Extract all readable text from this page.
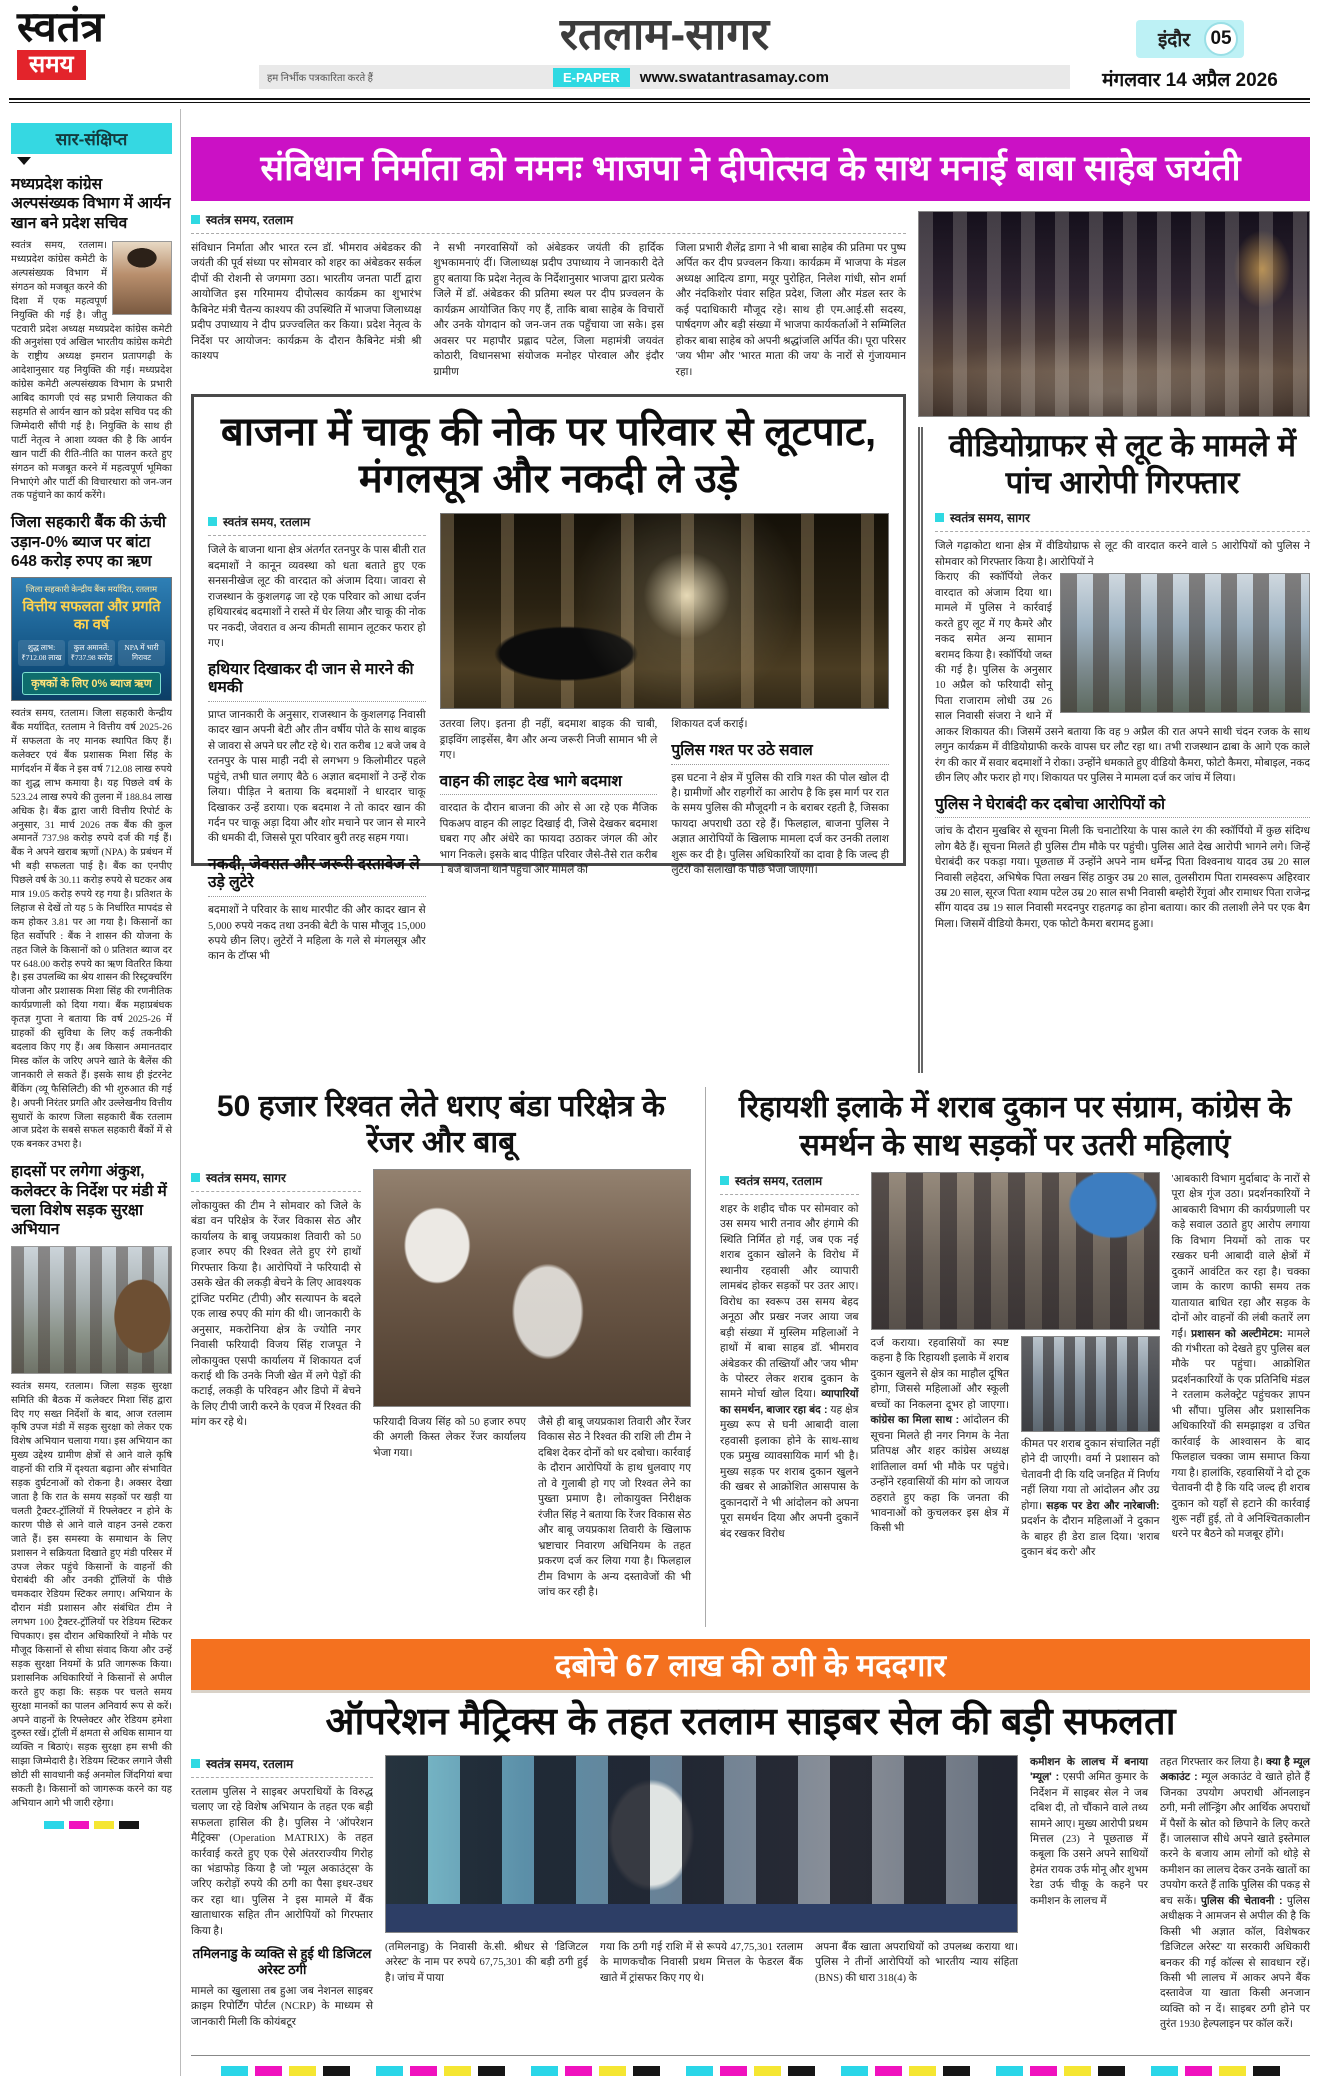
स्वतंत्र
समय
रतलाम-सागर
हम निर्भीक पत्रकारिता करते हैं	E-PAPER	www.swatantrasamay.com
इंदौर	05
मंगलवार 14 अप्रैल 2026
सार-संक्षिप्त
मध्यप्रदेश कांग्रेस अल्पसंख्यक विभाग में आर्यन खान बने प्रदेश सचिव
स्वतंत्र समय, रतलाम। मध्यप्रदेश कांग्रेस कमेटी के अल्पसंख्यक विभाग में संगठन को मजबूत करने की दिशा में एक महत्वपूर्ण नियुक्ति की गई है। जीतु पटवारी प्रदेश अध्यक्ष मध्यप्रदेश कांग्रेस कमेटी की अनुशंसा एवं अखिल भारतीय कांग्रेस कमेटी के राष्ट्रीय अध्यक्ष इमरान प्रतापगढ़ी के आदेशानुसार यह नियुक्ति की गई। मध्यप्रदेश कांग्रेस कमेटी अल्पसंख्यक विभाग के प्रभारी आबिद कागजी एवं सह प्रभारी लियाकत की सहमति से आर्यन खान को प्रदेश सचिव पद की जिम्मेदारी सौंपी गई है। नियुक्ति के साथ ही पार्टी नेतृत्व ने आशा व्यक्त की है कि आर्यन खान पार्टी की रीति-नीति का पालन करते हुए संगठन को मजबूत करने में महत्वपूर्ण भूमिका निभाएंगे और पार्टी की विचारधारा को जन-जन तक पहुंचाने का कार्य करेंगे।
जिला सहकारी बैंक की ऊंची उड़ान-0% ब्याज पर बांटा 648 करोड़ रुपए का ऋण
जिला सहकारी केन्द्रीय बैंक मर्यादित, रतलाम
वित्तीय सफलता और प्रगति का वर्ष
शुद्ध लाभ: ₹712.08 लाख
कुल अमानतें: ₹737.98 करोड़
NPA में भारी गिरावट
कृषकों के लिए 0% ब्याज ऋण
स्वतंत्र समय, रतलाम। जिला सहकारी केन्द्रीय बैंक मर्यादित, रतलाम ने वित्तीय वर्ष 2025-26 में सफलता के नए मानक स्थापित किए हैं। कलेक्टर एवं बैंक प्रशासक मिशा सिंह के मार्गदर्शन में बैंक ने इस वर्ष 712.08 लाख रुपये का शुद्ध लाभ कमाया है। यह पिछले वर्ष के 523.24 लाख रुपये की तुलना में 188.84 लाख अधिक है। बैंक द्वारा जारी वित्तीय रिपोर्ट के अनुसार, 31 मार्च 2026 तक बैंक की कुल अमानतें 737.98 करोड़ रुपये दर्ज की गई हैं। बैंक ने अपने खराब ऋणों (NPA) के प्रबंधन में भी बड़ी सफलता पाई है। बैंक का एनपीए पिछले वर्ष के 30.11 करोड़ रुपये से घटकर अब मात्र 19.05 करोड़ रुपये रह गया है। प्रतिशत के लिहाज से देखें तो यह 5 के निर्धारित मापदंड से कम होकर 3.81 पर आ गया है। किसानों का हित सर्वोपरि : बैंक ने शासन की योजना के तहत जिले के किसानों को 0 प्रतिशत ब्याज दर पर 648.00 करोड़ रुपये का ऋण वितरित किया है। इस उपलब्धि का श्रेय शासन की रिस्ट्रक्चरिंग योजना और प्रशासक मिशा सिंह की रणनीतिक कार्यप्रणाली को दिया गया। बैंक महाप्रबंधक कृतज्ञ गुप्ता ने बताया कि वर्ष 2025-26 में ग्राहकों की सुविधा के लिए कई तकनीकी बदलाव किए गए हैं। अब किसान अमानतदार मिस्ड कॉल के जरिए अपने खाते के बैलेंस की जानकारी ले सकते हैं। इसके साथ ही इंटरनेट बैंकिंग (व्यू फैसिलिटी) की भी शुरुआत की गई है। अपनी निरंतर प्रगति और उल्लेखनीय वित्तीय सुधारों के कारण जिला सहकारी बैंक रतलाम आज प्रदेश के सबसे सफल सहकारी बैंकों में से एक बनकर उभरा है।
हादसों पर लगेगा अंकुश, कलेक्टर के निर्देश पर मंडी में चला विशेष सड़क सुरक्षा अभियान
स्वतंत्र समय, रतलाम। जिला सड़क सुरक्षा समिति की बैठक में कलेक्टर मिशा सिंह द्वारा दिए गए सख्त निर्देशों के बाद, आज रतलाम कृषि उपज मंडी में सड़क सुरक्षा को लेकर एक विशेष अभियान चलाया गया। इस अभियान का मुख्य उद्देश्य ग्रामीण क्षेत्रों से आने वाले कृषि वाहनों की रात्रि में दृश्यता बढ़ाना और संभावित सड़क दुर्घटनाओं को रोकना है। अक्सर देखा जाता है कि रात के समय सड़कों पर खड़ी या चलती ट्रैक्टर-ट्रॉलियों में रिफ्लेक्टर न होने के कारण पीछे से आने वाले वाहन उनसे टकरा जाते हैं। इस समस्या के समाधान के लिए प्रशासन ने सक्रियता दिखाते हुए मंडी परिसर में उपज लेकर पहुंचे किसानों के वाहनों की घेराबंदी की और उनकी ट्रॉलियों के पीछे चमकदार रेडियम स्टिकर लगाए। अभियान के दौरान मंडी प्रशासन और संबंधित टीम ने लगभग 100 ट्रैक्टर-ट्रॉलियों पर रेडियम स्टिकर चिपकाए। इस दौरान अधिकारियों ने मौके पर मौजूद किसानों से सीधा संवाद किया और उन्हें सड़क सुरक्षा नियमों के प्रति जागरूक किया। प्रशासनिक अधिकारियों ने किसानों से अपील करते हुए कहा कि: सड़क पर चलते समय सुरक्षा मानकों का पालन अनिवार्य रूप से करें। अपने वाहनों के रिफ्लेक्टर और रेडियम हमेशा दुरुस्त रखें। ट्रॉली में क्षमता से अधिक सामान या व्यक्ति न बिठाएं। सड़क सुरक्षा हम सभी की साझा जिम्मेदारी है। रेडियम स्टिकर लगाने जैसी छोटी सी सावधानी कई अनमोल जिंदगियां बचा सकती है। किसानों को जागरूक करने का यह अभियान आगे भी जारी रहेगा।
संविधान निर्माता को नमनः भाजपा ने दीपोत्सव के साथ मनाई बाबा साहेब जयंती
स्वतंत्र समय, रतलाम

संविधान निर्माता और भारत रत्न डॉ. भीमराव अंबेडकर की जयंती की पूर्व संध्या पर सोमवार को शहर का अंबेडकर सर्कल दीपों की रोशनी से जगमगा उठा। भारतीय जनता पार्टी द्वारा आयोजित इस गरिमामय दीपोत्सव कार्यक्रम का शुभारंभ कैबिनेट मंत्री चैतन्य काश्यप की उपस्थिति में भाजपा जिलाध्यक्ष प्रदीप उपाध्याय ने दीप प्रज्ज्वलित कर किया। प्रदेश नेतृत्व के निर्देश पर आयोजन: कार्यक्रम के दौरान कैबिनेट मंत्री श्री काश्यप

ने सभी नगरवासियों को अंबेडकर जयंती की हार्दिक शुभकामनाएं दीं। जिलाध्यक्ष प्रदीप उपाध्याय ने जानकारी देते हुए बताया कि प्रदेश नेतृत्व के निर्देशानुसार भाजपा द्वारा प्रत्येक जिले में डॉ. अंबेडकर की प्रतिमा स्थल पर दीप प्रज्वलन के कार्यक्रम आयोजित किए गए हैं, ताकि बाबा साहेब के विचारों और उनके योगदान को जन-जन तक पहुँचाया जा सके। इस अवसर पर महापौर प्रह्लाद पटेल, जिला महामंत्री जयवंत कोठारी, विधानसभा संयोजक मनोहर पोरवाल और इंदौर ग्रामीण

जिला प्रभारी शैलेंद्र डागा ने भी बाबा साहेब की प्रतिमा पर पुष्प अर्पित कर दीप प्रज्वलन किया। कार्यक्रम में भाजपा के मंडल अध्यक्ष आदित्य डागा, मयूर पुरोहित, निलेश गांधी, सोन शर्मा और नंदकिशोर पंवार सहित प्रदेश, जिला और मंडल स्तर के कई पदाधिकारी मौजूद रहे। साथ ही एम.आई.सी सदस्य, पार्षदगण और बड़ी संख्या में भाजपा कार्यकर्ताओं ने सम्मिलित होकर बाबा साहेब को अपनी श्रद्धांजलि अर्पित की। पूरा परिसर 'जय भीम' और 'भारत माता की जय' के नारों से गुंजायमान रहा।

बाजना में चाकू की नोक पर परिवार से लूटपाट, मंगलसूत्र और नकदी ले उड़े
स्वतंत्र समय, रतलाम

जिले के बाजना थाना क्षेत्र अंतर्गत रतनपुर के पास बीती रात बदमाशों ने कानून व्यवस्था को धता बताते हुए एक सनसनीखेज लूट की वारदात को अंजाम दिया। जावरा से राजस्थान के कुशलगढ़ जा रहे एक परिवार को आधा दर्जन हथियारबंद बदमाशों ने रास्ते में घेर लिया और चाकू की नोक पर नकदी, जेवरात व अन्य कीमती सामान लूटकर फरार हो गए।

हथियार दिखाकर दी जान से मारने की धमकी

प्राप्त जानकारी के अनुसार, राजस्थान के कुशलगढ़ निवासी कादर खान अपनी बेटी और तीन वर्षीय पोते के साथ बाइक से जावरा से अपने घर लौट रहे थे। रात करीब 12 बजे जब वे रतनपुर के पास माही नदी से लगभग 9 किलोमीटर पहले पहुंचे, तभी घात लगाए बैठे 6 अज्ञात बदमाशों ने उन्हें रोक लिया। पीड़ित ने बताया कि बदमाशों ने धारदार चाकू दिखाकर उन्हें डराया। एक बदमाश ने तो कादर खान की गर्दन पर चाकू अड़ा दिया और शोर मचाने पर जान से मारने की धमकी दी, जिससे पूरा परिवार बुरी तरह सहम गया।

नकदी, जेवरात और जरूरी दस्तावेज ले उड़े लुटेरे

बदमाशों ने परिवार के साथ मारपीट की और कादर खान से 5,000 रुपये नकद तथा उनकी बेटी के पास मौजूद 15,000 रुपये छीन लिए। लुटेरों ने महिला के गले से मंगलसूत्र और कान के टॉप्स भी

उतरवा लिए। इतना ही नहीं, बदमाश बाइक की चाबी, ड्राइविंग लाइसेंस, बैग और अन्य जरूरी निजी सामान भी ले गए।

वाहन की लाइट देख भागे बदमाश

वारदात के दौरान बाजना की ओर से आ रहे एक मैजिक पिकअप वाहन की लाइट दिखाई दी, जिसे देखकर बदमाश घबरा गए और अंधेरे का फायदा उठाकर जंगल की ओर भाग निकले। इसके बाद पीड़ित परिवार जैसे-तैसे रात करीब 1 बजे बाजना थाने पहुंचा और मामले की

शिकायत दर्ज कराई।

पुलिस गश्त पर उठे सवाल

इस घटना ने क्षेत्र में पुलिस की रात्रि गश्त की पोल खोल दी है। ग्रामीणों और राहगीरों का आरोप है कि इस मार्ग पर रात के समय पुलिस की मौजूदगी न के बराबर रहती है, जिसका फायदा अपराधी उठा रहे हैं। फिलहाल, बाजना पुलिस ने अज्ञात आरोपियों के खिलाफ मामला दर्ज कर उनकी तलाश शुरू कर दी है। पुलिस अधिकारियों का दावा है कि जल्द ही लुटेरों को सलाखों के पीछे भेजा जाएगा।

वीडियोग्राफर से लूट के मामले में पांच आरोपी गिरफ्तार
स्वतंत्र समय, सागर

जिले गढ़ाकोटा थाना क्षेत्र में वीडियोग्राफ से लूट की वारदात करने वाले 5 आरोपियों को पुलिस ने सोमवार को गिरफ्तार किया है। आरोपियों ने

किराए की स्कॉर्पियो लेकर वारदात को अंजाम दिया था। मामले में पुलिस ने कार्रवाई करते हुए लूट में गए कैमरे और नकद समेत अन्य सामान बरामद किया है। स्कॉर्पियो जब्त की गई है। पुलिस के अनुसार 10 अप्रैल को फरियादी सोनू पिता राजाराम लोधी उम्र 26 साल निवासी संजरा ने थाने में आकर शिकायत की। जिसमें उसने बताया कि वह 9 अप्रैल की रात अपने साथी चंदन रजक के साथ लगुन कार्यक्रम में वीडियोग्राफी करके वापस घर लौट रहा था। तभी राजस्थान ढाबा के आगे एक काले रंग की कार में सवार बदमाशों ने रोका। उन्होंने धमकाते हुए वीडियो कैमरा, फोटो कैमरा, मोबाइल, नकद छीन लिए और फरार हो गए। शिकायत पर पुलिस ने मामला दर्ज कर जांच में लिया।

पुलिस ने घेराबंदी कर दबोचा आरोपियों को

जांच के दौरान मुखबिर से सूचना मिली कि चनाटोरिया के पास काले रंग की स्कॉर्पियो में कुछ संदिग्ध लोग बैठे हैं। सूचना मिलते ही पुलिस टीम मौके पर पहुंची। पुलिस आते देख आरोपी भागने लगे। जिन्हें घेराबंदी कर पकड़ा गया। पूछताछ में उन्होंने अपने नाम धर्मेन्द्र पिता विश्वनाथ यादव उम्र 20 साल निवासी लहेदरा, अभिषेक पिता लखन सिंह ठाकुर उम्र 20 साल, तुलसीराम पिता रामस्वरूप अहिरवार उम्र 20 साल, सूरज पिता श्याम पटेल उम्र 20 साल सभी निवासी बम्होरी रेंगुवां और रामाधर पिता राजेन्द्र सींग यादव उम्र 19 साल निवासी मरदनपुर राहतगढ़ का होना बताया। कार की तलाशी लेने पर एक बैग मिला। जिसमें वीडियो कैमरा, एक फोटो कैमरा बरामद हुआ।

50 हजार रिश्वत लेते धराए बंडा परिक्षेत्र के रेंजर और बाबू
स्वतंत्र समय, सागर

लोकायुक्त की टीम ने सोमवार को जिले के बंडा वन परिक्षेत्र के रेंजर विकास सेठ और कार्यालय के बाबू जयप्रकाश तिवारी को 50 हजार रुपए की रिश्वत लेते हुए रंगे हाथों गिरफ्तार किया है। आरोपियों ने फरियादी से उसके खेत की लकड़ी बेचने के लिए आवश्यक ट्रांजिट परमिट (टीपी) और सत्यापन के बदले एक लाख रुपए की मांग की थी। जानकारी के अनुसार, मकरोनिया क्षेत्र के ज्योति नगर निवासी फरियादी विजय सिंह राजपूत ने लोकायुक्त एसपी कार्यालय में शिकायत दर्ज कराई थी कि उनके निजी खेत में लगे पेड़ों की कटाई, लकड़ी के परिवहन और डिपो में बेचने के लिए टीपी जारी करने के एवज में रिश्वत की मांग कर रहे थे।	फरियादी विजय सिंह को 50 हजार रुपए की अगली किस्त लेकर रेंजर कार्यालय भेजा गया।

जैसे ही बाबू जयप्रकाश तिवारी और रेंजर विकास सेठ ने रिश्वत की राशि ली टीम ने दबिश देकर दोनों को धर दबोचा। कार्रवाई के दौरान आरोपियों के हाथ धुलवाए गए तो वे गुलाबी हो गए जो रिश्वत लेने का पुख्ता प्रमाण है। लोकायुक्त निरीक्षक रंजीत सिंह ने बताया कि रेंजर विकास सेठ और बाबू जयप्रकाश तिवारी के खिलाफ भ्रष्टाचार निवारण अधिनियम के तहत प्रकरण दर्ज कर लिया गया है। फिलहाल टीम विभाग के अन्य दस्तावेजों की भी जांच कर रही है।

रिहायशी इलाके में शराब दुकान पर संग्राम, कांग्रेस के समर्थन के साथ सड़कों पर उतरी महिलाएं
स्वतंत्र समय, रतलाम

शहर के शहीद चौक पर सोमवार को उस समय भारी तनाव और हंगामे की स्थिति निर्मित हो गई, जब एक नई शराब दुकान खोलने के विरोध में स्थानीय रहवासी और व्यापारी लामबंद होकर सड़कों पर उतर आए। विरोध का स्वरूप उस समय बेहद अनूठा और प्रखर नजर आया जब बड़ी संख्या में मुस्लिम महिलाओं ने हाथों में बाबा साहब डॉ. भीमराव अंबेडकर की तख्तियाँ और 'जय भीम' के पोस्टर लेकर शराब दुकान के सामने मोर्चा खोल दिया। व्यापारियों का समर्थन, बाजार रहा बंद : यह क्षेत्र मुख्य रूप से घनी आबादी वाला रहवासी इलाका होने के साथ-साथ एक प्रमुख व्यावसायिक मार्ग भी है। मुख्य सड़क पर शराब दुकान खुलने की खबर से आक्रोशित आसपास के दुकानदारों ने भी आंदोलन को अपना पूरा समर्थन दिया और अपनी दुकानें बंद रखकर विरोध

दर्ज कराया। रहवासियों का स्पष्ट कहना है कि रिहायशी इलाके में शराब दुकान खुलने से क्षेत्र का माहौल दूषित होगा, जिससे महिलाओं और स्कूली बच्चों का निकलना दूभर हो जाएगा। कांग्रेस का मिला साथ : आंदोलन की सूचना मिलते ही नगर निगम के नेता प्रतिपक्ष और शहर कांग्रेस अध्यक्ष शांतिलाल वर्मा भी मौके पर पहुंचे। उन्होंने रहवासियों की मांग को जायज ठहराते हुए कहा कि जनता की भावनाओं को कुचलकर इस क्षेत्र में किसी भी

कीमत पर शराब दुकान संचालित नहीं होने दी जाएगी। वर्मा ने प्रशासन को चेतावनी दी कि यदि जनहित में निर्णय नहीं लिया गया तो आंदोलन और उग्र होगा। सड़क पर डेरा और नारेबाजी: प्रदर्शन के दौरान महिलाओं ने दुकान के बाहर ही डेरा डाल दिया। 'शराब दुकान बंद करो' और

'आबकारी विभाग मुर्दाबाद' के नारों से पूरा क्षेत्र गूंज उठा। प्रदर्शनकारियों ने आबकारी विभाग की कार्यप्रणाली पर कड़े सवाल उठाते हुए आरोप लगाया कि विभाग नियमों को ताक पर रखकर घनी आबादी वाले क्षेत्रों में दुकानें आवंटित कर रहा है। चक्का जाम के कारण काफी समय तक यातायात बाधित रहा और सड़क के दोनों ओर वाहनों की लंबी कतारें लग गईं। प्रशासन को अल्टीमेटम: मामले की गंभीरता को देखते हुए पुलिस बल मौके पर पहुंचा। आक्रोशित प्रदर्शनकारियों के एक प्रतिनिधि मंडल ने रतलाम कलेक्ट्रेट पहुंचकर ज्ञापन भी सौंपा। पुलिस और प्रशासनिक अधिकारियों की समझाइश व उचित कार्रवाई के आश्वासन के बाद फिलहाल चक्का जाम समाप्त किया गया है। हालांकि, रहवासियों ने दो टूक चेतावनी दी है कि यदि जल्द ही शराब दुकान को यहाँ से हटाने की कार्रवाई शुरू नहीं हुई, तो वे अनिश्चितकालीन धरने पर बैठने को मजबूर होंगे।

दबोचे 67 लाख की ठगी के मददगार
ऑपरेशन मैट्रिक्स के तहत रतलाम साइबर सेल की बड़ी सफलता
स्वतंत्र समय, रतलाम

रतलाम पुलिस ने साइबर अपराधियों के विरुद्ध चलाए जा रहे विशेष अभियान के तहत एक बड़ी सफलता हासिल की है। पुलिस ने 'ऑपरेशन मैट्रिक्स' (Operation MATRIX) के तहत कार्रवाई करते हुए एक ऐसे अंतरराज्यीय गिरोह का भंडाफोड़ किया है जो 'म्यूल अकाउंट्स' के जरिए करोड़ों रुपये की ठगी का पैसा इधर-उधर कर रहा था। पुलिस ने इस मामले में बैंक खाताधारक सहित तीन आरोपियों को गिरफ्तार किया है।

तमिलनाडु के व्यक्ति से हुई थी डिजिटल अरेस्ट ठगी

मामले का खुलासा तब हुआ जब नेशनल साइबर क्राइम रिपोर्टिंग पोर्टल (NCRP) के माध्यम से जानकारी मिली कि कोयंबटूर

(तमिलनाडु) के निवासी के.सी. श्रीधर से 'डिजिटल अरेस्ट' के नाम पर रुपये 67,75,301 की बड़ी ठगी हुई है। जांच में पाया

गया कि ठगी गई राशि में से रूपये 47,75,301 रतलाम के माणकचौक निवासी प्रथम मित्तल के फेडरल बैंक खाते में ट्रांसफर किए गए थे।

अपना बैंक खाता अपराधियों को उपलब्ध कराया था। पुलिस ने तीनों आरोपियों को भारतीय न्याय संहिता (BNS) की धारा 318(4) के

कमीशन के लालच में बनाया 'म्यूल' : एसपी अमित कुमार के निर्देशन में साइबर सेल ने जब दबिश दी, तो चौंकाने वाले तथ्य सामने आए। मुख्य आरोपी प्रथम मित्तल (23) ने पूछताछ में कबूला कि उसने अपने साथियों हेमंत रायक उर्फ मोनू और शुभम रेडा उर्फ चीकू के कहने पर कमीशन के लालच में

तहत गिरफ्तार कर लिया है। क्या है म्यूल अकाउंट : म्यूल अकाउंट वे खाते होते हैं जिनका उपयोग अपराधी ऑनलाइन ठगी, मनी लॉन्ड्रिंग और आर्थिक अपराधों में पैसों के स्रोत को छिपाने के लिए करते हैं। जालसाज सीधे अपने खाते इस्तेमाल करने के बजाय आम लोगों को थोड़े से कमीशन का लालच देकर उनके खातों का उपयोग करते हैं ताकि पुलिस की पकड़ से बच सकें। पुलिस की चेतावनी : पुलिस अधीक्षक ने आमजन से अपील की है कि किसी भी अज्ञात कॉल, विशेषकर 'डिजिटल अरेस्ट' या सरकारी अधिकारी बनकर की गई कॉल्स से सावधान रहें। किसी भी लालच में आकर अपने बैंक दस्तावेज या खाता किसी अनजान व्यक्ति को न दें। साइबर ठगी होने पर तुरंत 1930 हेल्पलाइन पर कॉल करें।
